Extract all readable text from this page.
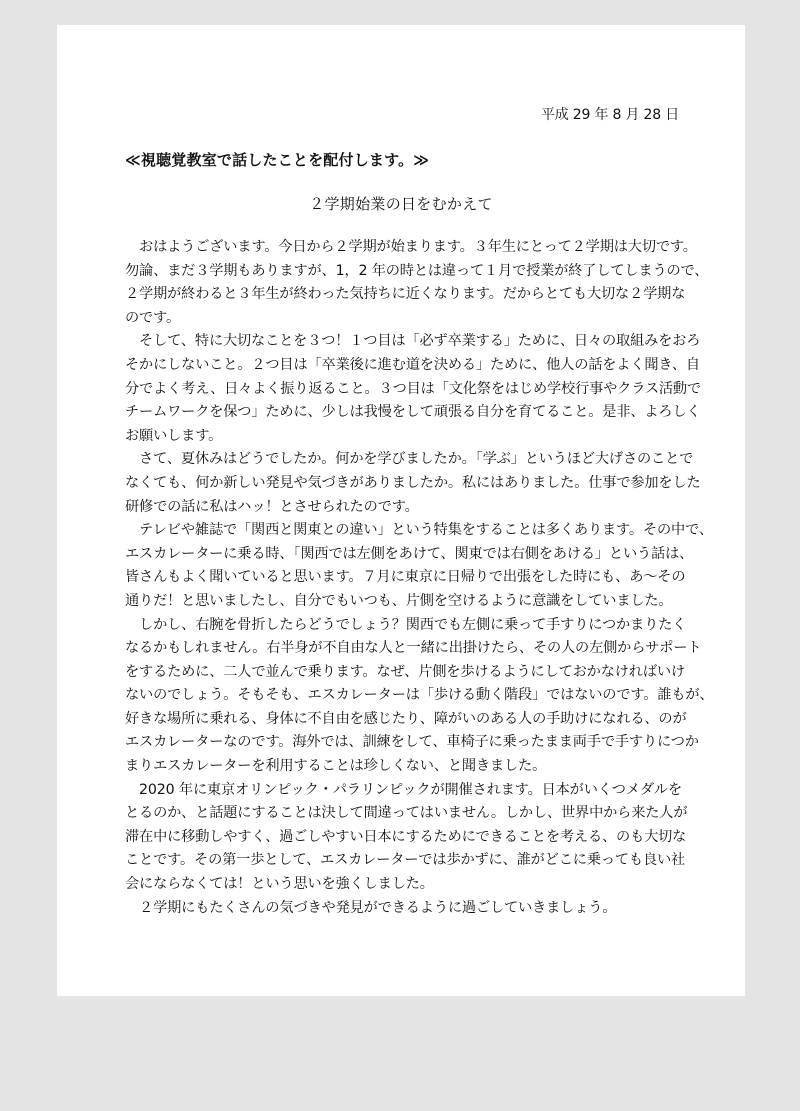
平成 29 年 8 月 28 日
≪視聴覚教室で話したことを配付します。≫
２学期始業の日をむかえて
　おはようございます。今日から２学期が始まります。３年生にとって２学期は大切です。
勿論、まだ３学期もありますが、1，2 年の時とは違って１月で授業が終了してしまうので、
２学期が終わると３年生が終わった気持ちに近くなります。だからとても大切な２学期な
のです。
　そして、特に大切なことを３つ！１つ目は「必ず卒業する」ために、日々の取組みをおろ
そかにしないこと。２つ目は「卒業後に進む道を決める」ために、他人の話をよく聞き、自
分でよく考え、日々よく振り返ること。３つ目は「文化祭をはじめ学校行事やクラス活動で
チームワークを保つ」ために、少しは我慢をして頑張る自分を育てること。是非、よろしく
お願いします。
　さて、夏休みはどうでしたか。何かを学びましたか。「学ぶ」というほど大げさのことで
なくても、何か新しい発見や気づきがありましたか。私にはありました。仕事で参加をした
研修での話に私はハッ！とさせられたのです。
　テレビや雑誌で「関西と関東との違い」という特集をすることは多くあります。その中で、
エスカレーターに乗る時、「関西では左側をあけて、関東では右側をあける」という話は、
皆さんもよく聞いていると思います。７月に東京に日帰りで出張をした時にも、あ～その
通りだ！と思いましたし、自分でもいつも、片側を空けるように意識をしていました。
　しかし、右腕を骨折したらどうでしょう？関西でも左側に乗って手すりにつかまりたく
なるかもしれません。右半身が不自由な人と一緒に出掛けたら、その人の左側からサポート
をするために、二人で並んで乗ります。なぜ、片側を歩けるようにしておかなければいけ
ないのでしょう。そもそも、エスカレーターは「歩ける動く階段」ではないのです。誰もが、
好きな場所に乗れる、身体に不自由を感じたり、障がいのある人の手助けになれる、のが
エスカレーターなのです。海外では、訓練をして、車椅子に乗ったまま両手で手すりにつか
まりエスカレーターを利用することは珍しくない、と聞きました。
　2020 年に東京オリンピック・パラリンピックが開催されます。日本がいくつメダルを
とるのか、と話題にすることは決して間違ってはいません。しかし、世界中から来た人が
滞在中に移動しやすく、過ごしやすい日本にするためにできることを考える、のも大切な
ことです。その第一歩として、エスカレーターでは歩かずに、誰がどこに乗っても良い社
会にならなくては！という思いを強くしました。
　２学期にもたくさんの気づきや発見ができるように過ごしていきましょう。
